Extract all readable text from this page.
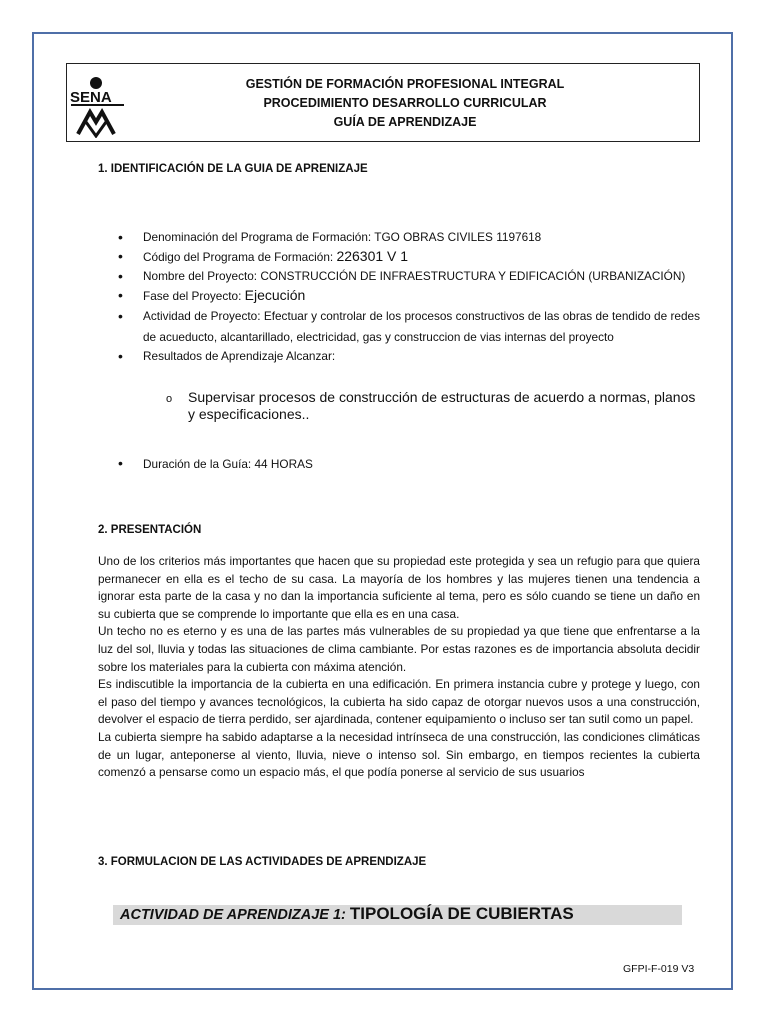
SENA
GESTIÓN DE FORMACIÓN PROFESIONAL INTEGRAL
PROCEDIMIENTO DESARROLLO CURRICULAR
GUÍA DE APRENDIZAJE
1. IDENTIFICACIÓN DE LA GUIA DE APRENIZAJE
• Denominación del Programa de Formación: TGO OBRAS CIVILES 1197618
• Código del Programa de Formación: 226301 V 1
• Nombre del Proyecto: CONSTRUCCIÓN DE INFRAESTRUCTURA Y EDIFICACIÓN (URBANIZACIÓN)
• Fase del Proyecto: Ejecución
• Actividad de Proyecto: Efectuar y controlar de los procesos constructivos de las obras de tendido de redes de acueducto, alcantarillado, electricidad, gas y construccion de vias internas del proyecto
• Resultados de Aprendizaje Alcanzar:
o Supervisar procesos de construcción de estructuras de acuerdo a normas, planos y especificaciones..
• Duración de la Guía: 44 HORAS
2. PRESENTACIÓN

Uno de los criterios más importantes que hacen que su propiedad este protegida y sea un refugio para que quiera permanecer en ella es el techo de su casa. La mayoría de los hombres y las mujeres tienen una tendencia a ignorar esta parte de la casa y no dan la importancia suficiente al tema, pero es sólo cuando se tiene un daño en su cubierta que se comprende lo importante que ella es en una casa.

Un techo no es eterno y es una de las partes más vulnerables de su propiedad ya que tiene que enfrentarse a la luz del sol, lluvia y todas las situaciones de clima cambiante. Por estas razones es de importancia absoluta decidir sobre los materiales para la cubierta con máxima atención.

Es indiscutible la importancia de la cubierta en una edificación. En primera instancia cubre y protege y luego, con el paso del tiempo y avances tecnológicos, la cubierta ha sido capaz de otorgar nuevos usos a una construcción, devolver el espacio de tierra perdido, ser ajardinada, contener equipamiento o incluso ser tan sutil como un papel.

La cubierta siempre ha sabido adaptarse a la necesidad intrínseca de una construcción, las condiciones climáticas de un lugar, anteponerse al viento, lluvia, nieve o intenso sol. Sin embargo, en tiempos recientes la cubierta comenzó a pensarse como un espacio más, el que podía ponerse al servicio de sus usuarios

3. FORMULACION DE LAS ACTIVIDADES DE APRENDIZAJE
ACTIVIDAD DE APRENDIZAJE 1: TIPOLOGÍA DE CUBIERTAS
GFPI-F-019 V3
